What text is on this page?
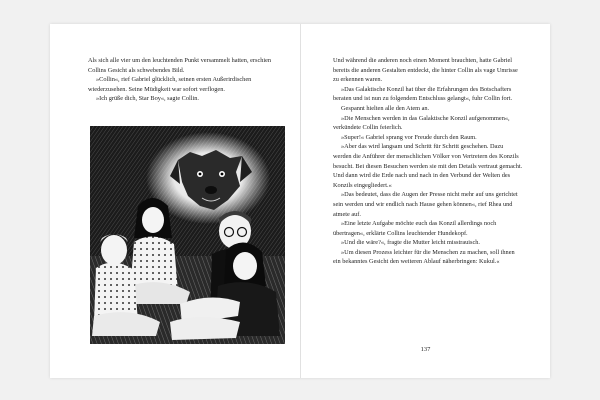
Als sich alle vier um den leuchtenden Punkt versammelt hatten, erschien Collins Gesicht als schwebendes Bild.

»Collin«, rief Gabriel glücklich, seinen ersten Außerirdischen wiederzusehen. Seine Müdigkeit war sofort verflogen.

»Ich grüße dich, Star Boy«, sagte Collin.

Und während die anderen noch einen Moment brauchten, hatte Gabriel bereits die anderen Gestalten entdeckt, die hinter Collin als vage Umrisse zu erkennen waren.

»Das Galaktische Konzil hat über die Erfahrungen des Botschafters beraten und ist nun zu folgendem Entschluss gelangt«, fuhr Collin fort.

Gespannt hielten alle den Atem an.

»Die Menschen werden in das Galaktische Konzil aufgenommen«, verkündete Collin feierlich.

»Super!« Gabriel sprang vor Freude durch den Raum.

»Aber das wird langsam und Schritt für Schritt geschehen. Dazu werden die Anführer der menschlichen Völker von Vertretern des Konzils besucht. Bei diesen Besuchen werden sie mit den Details vertraut gemacht. Und dann wird die Erde nach und nach in den Verbund der Welten des Konzils eingegliedert.«

»Das bedeutet, dass die Augen der Presse nicht mehr auf uns gerichtet sein werden und wir endlich nach Hause gehen können«, rief Rhea und atmete auf.

»Eine letzte Aufgabe möchte euch das Konzil allerdings noch übertragen«, erklärte Collins leuchtender Hundekopf.

»Und die wäre?«, fragte die Mutter leicht misstrauisch.

»Um diesen Prozess leichter für die Menschen zu machen, soll ihnen ein bekanntes Gesicht den weiteren Ablauf näherbringen: Kukul.«

137
